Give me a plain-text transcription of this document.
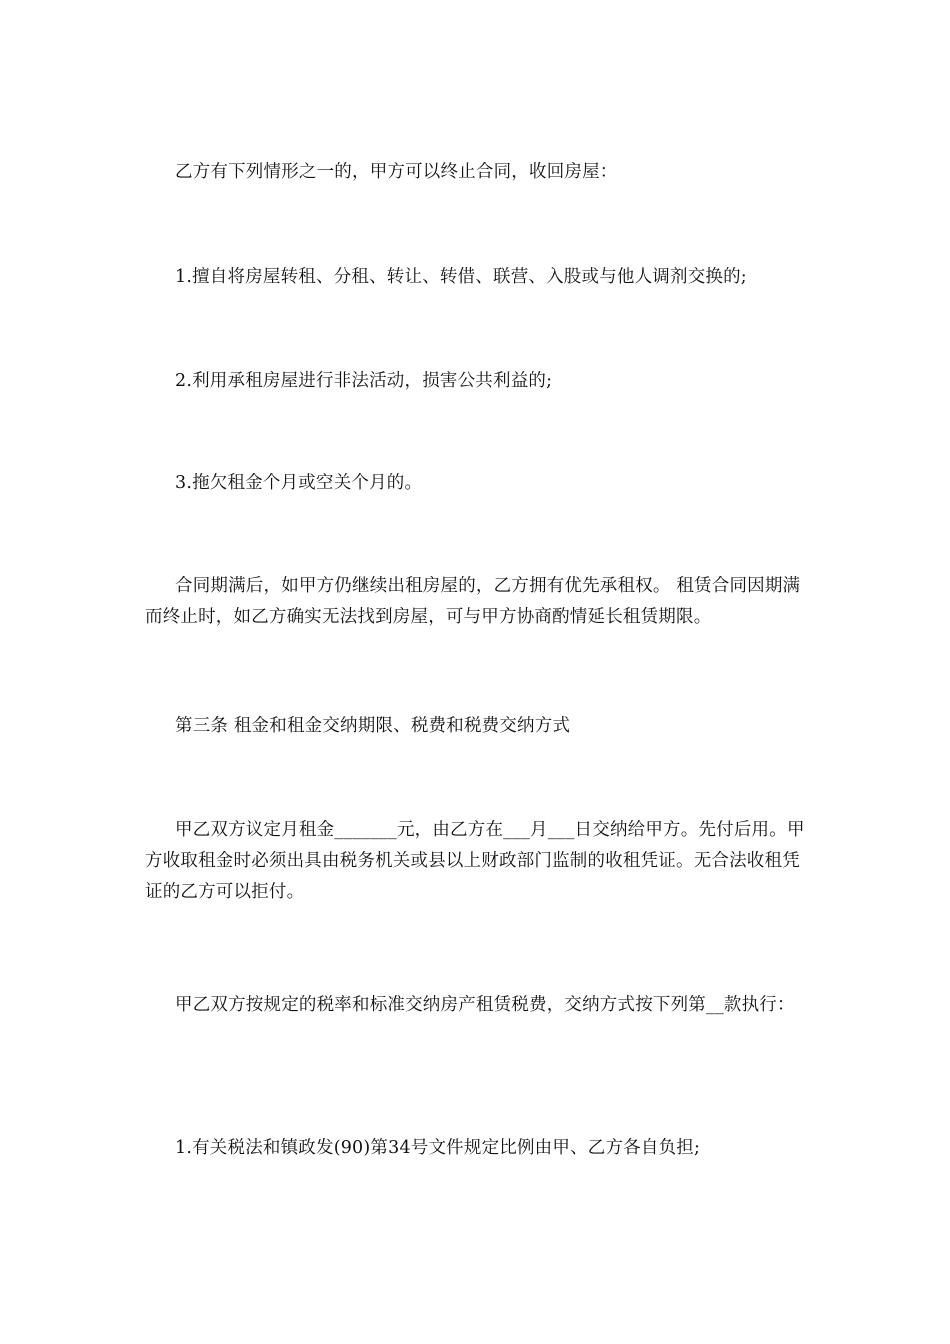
乙方有下列情形之一的，甲方可以终止合同，收回房屋：

1.擅自将房屋转租、分租、转让、转借、联营、入股或与他人调剂交换的;

2.利用承租房屋进行非法活动，损害公共利益的;

3.拖欠租金个月或空关个月的。

合同期满后，如甲方仍继续出租房屋的，乙方拥有优先承租权。 租赁合同因期满而终止时，如乙方确实无法找到房屋，可与甲方协商酌情延长租赁期限。

第三条 租金和租金交纳期限、税费和税费交纳方式

甲乙双方议定月租金_______元，由乙方在___月___日交纳给甲方。先付后用。甲方收取租金时必须出具由税务机关或县以上财政部门监制的收租凭证。无合法收租凭证的乙方可以拒付。

甲乙双方按规定的税率和标准交纳房产租赁税费，交纳方式按下列第__款执行：

1.有关税法和镇政发(90)第34号文件规定比例由甲、乙方各自负担;
